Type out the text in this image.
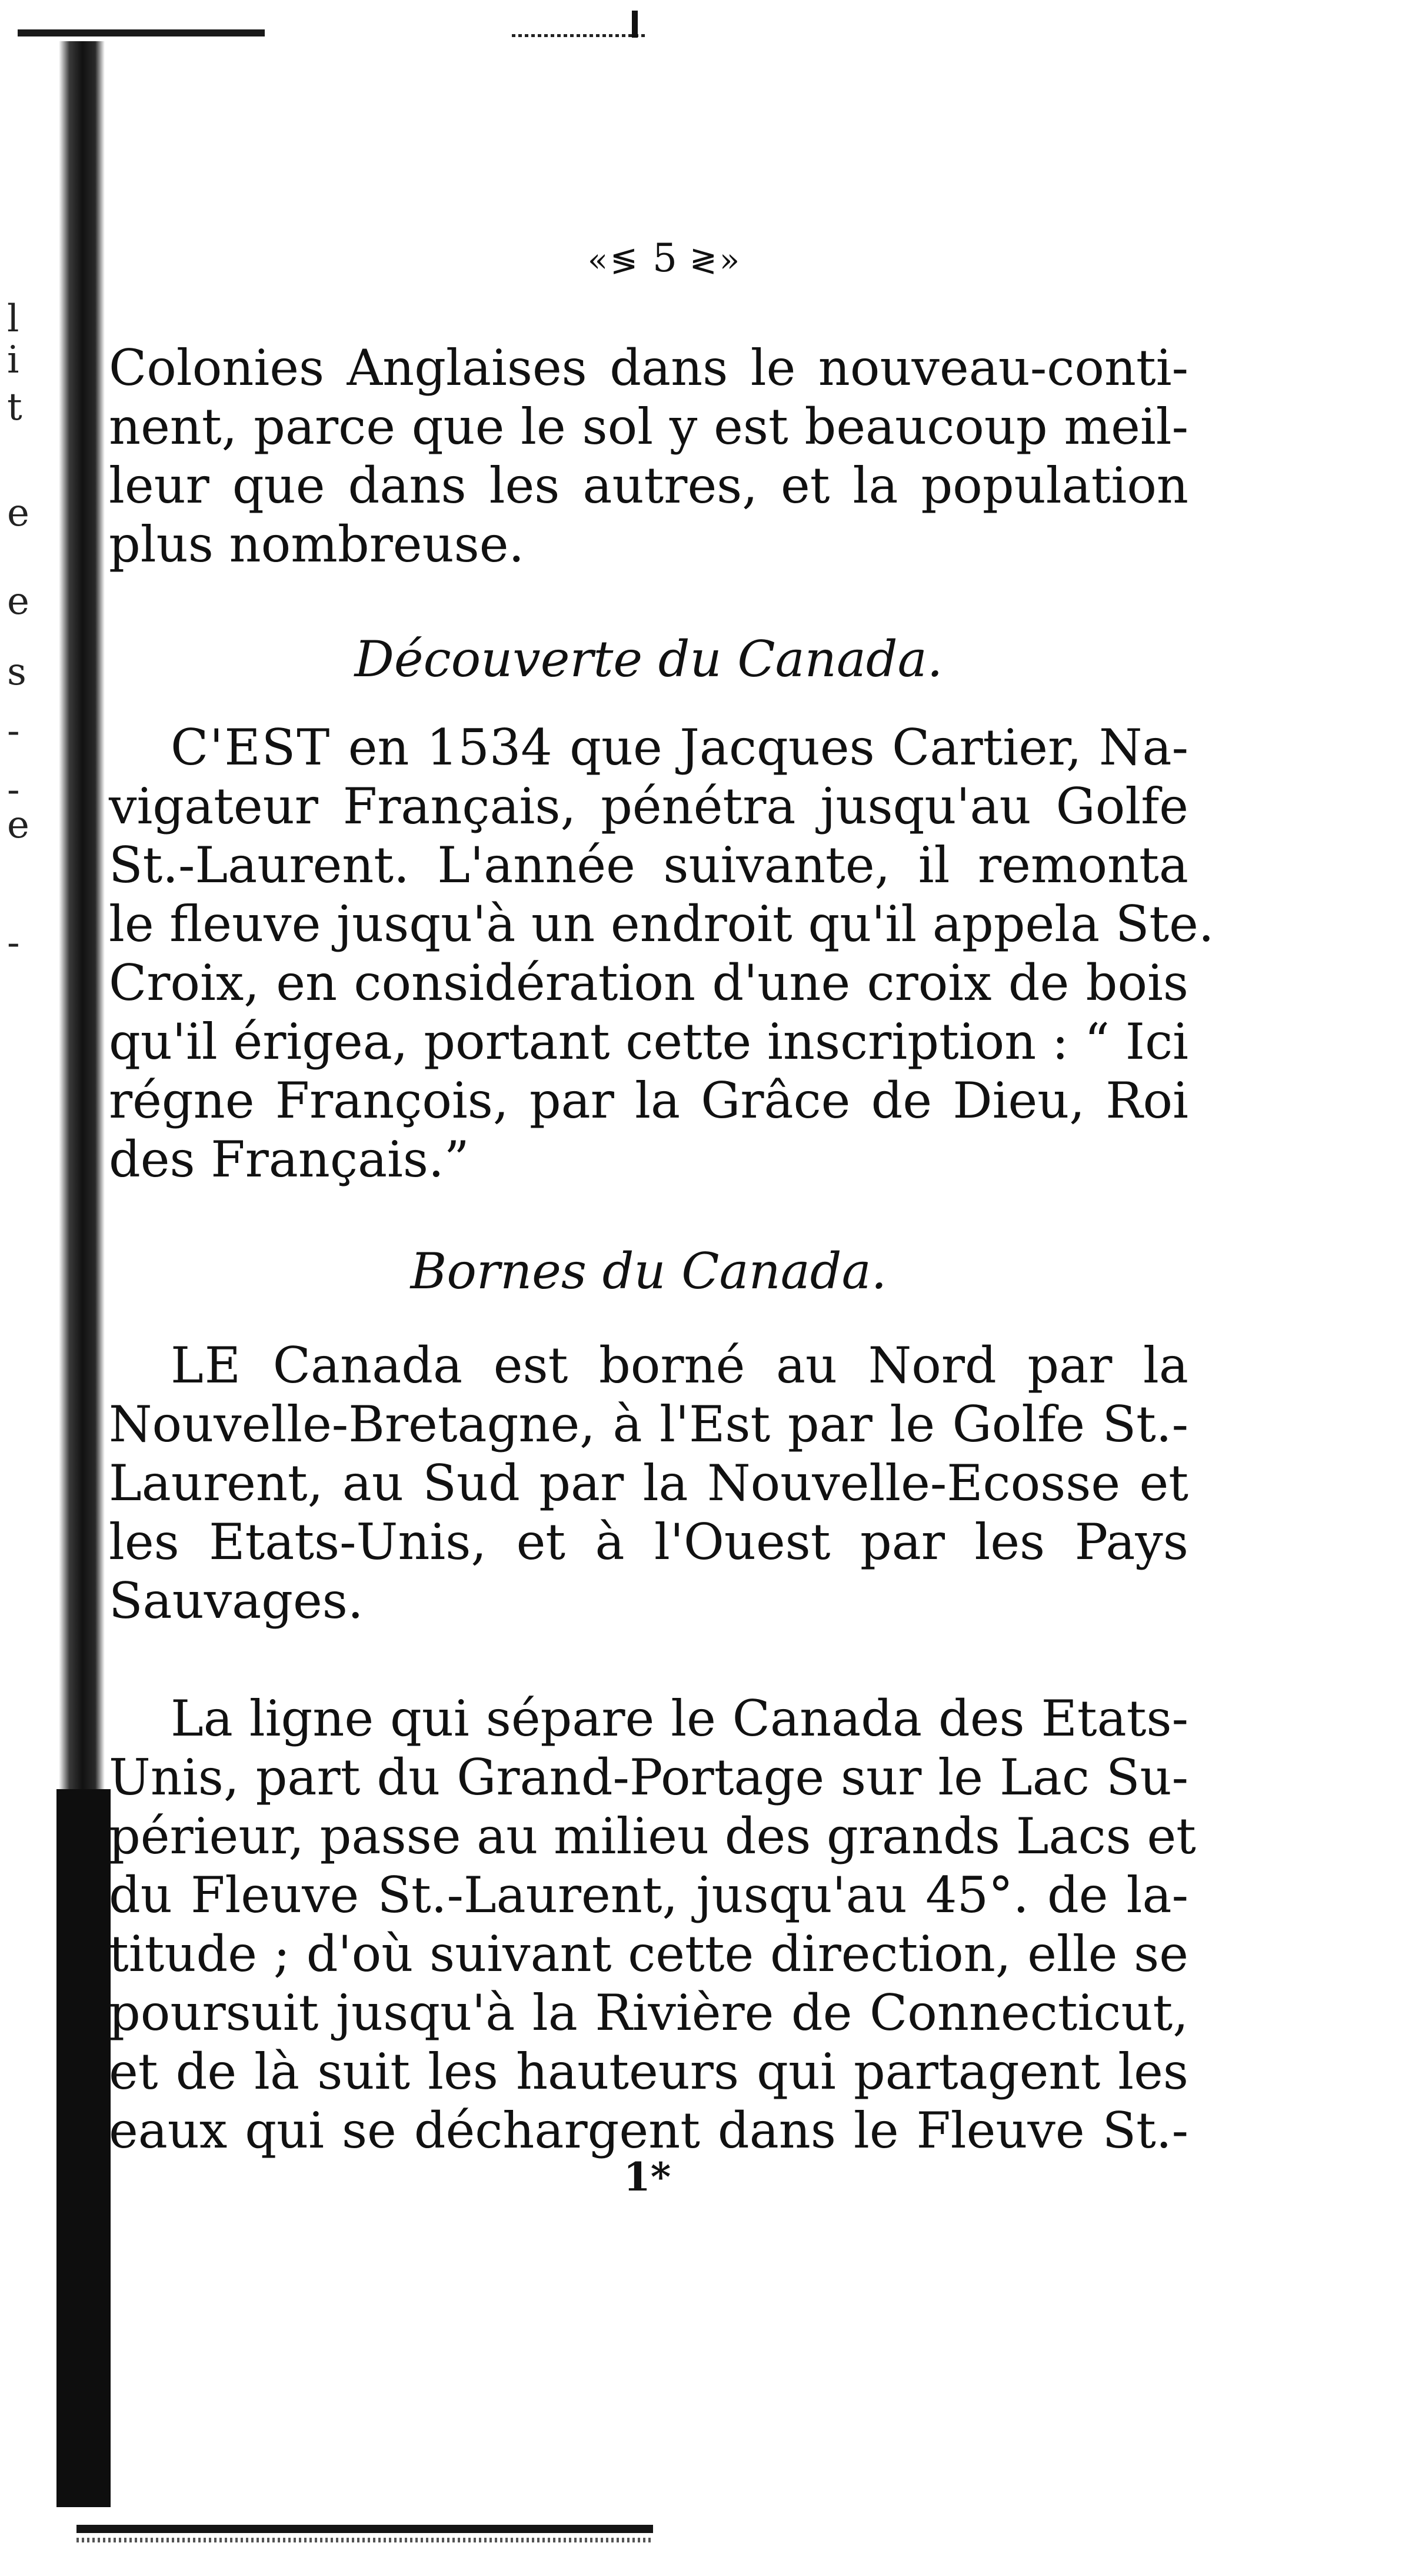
l
i
t
e
e
s
-
-
e
-
«≶ 5 ≷»
Colonies Anglaises dans le nouveau-conti-
nent, parce que le sol y est beaucoup meil-
leur que dans les autres, et la population
plus nombreuse.
Découverte du Canada.
C'EST en 1534 que Jacques Cartier, Na-
vigateur Français, pénétra jusqu'au Golfe
St.-Laurent. L'année suivante, il remonta
le fleuve jusqu'à un endroit qu'il appela Ste.
Croix, en considération d'une croix de bois
qu'il érigea, portant cette inscription : “ Ici
régne François, par la Grâce de Dieu, Roi
des Français.”
Bornes du Canada.
LE Canada est borné au Nord par la
Nouvelle-Bretagne, à l'Est par le Golfe St.-
Laurent, au Sud par la Nouvelle-Ecosse et
les Etats-Unis, et à l'Ouest par les Pays
Sauvages.
La ligne qui sépare le Canada des Etats-
Unis, part du Grand-Portage sur le Lac Su-
périeur, passe au milieu des grands Lacs et
du Fleuve St.-Laurent, jusqu'au 45°. de la-
titude ; d'où suivant cette direction, elle se
poursuit jusqu'à la Rivière de Connecticut,
et de là suit les hauteurs qui partagent les
eaux qui se déchargent dans le Fleuve St.-
1*
